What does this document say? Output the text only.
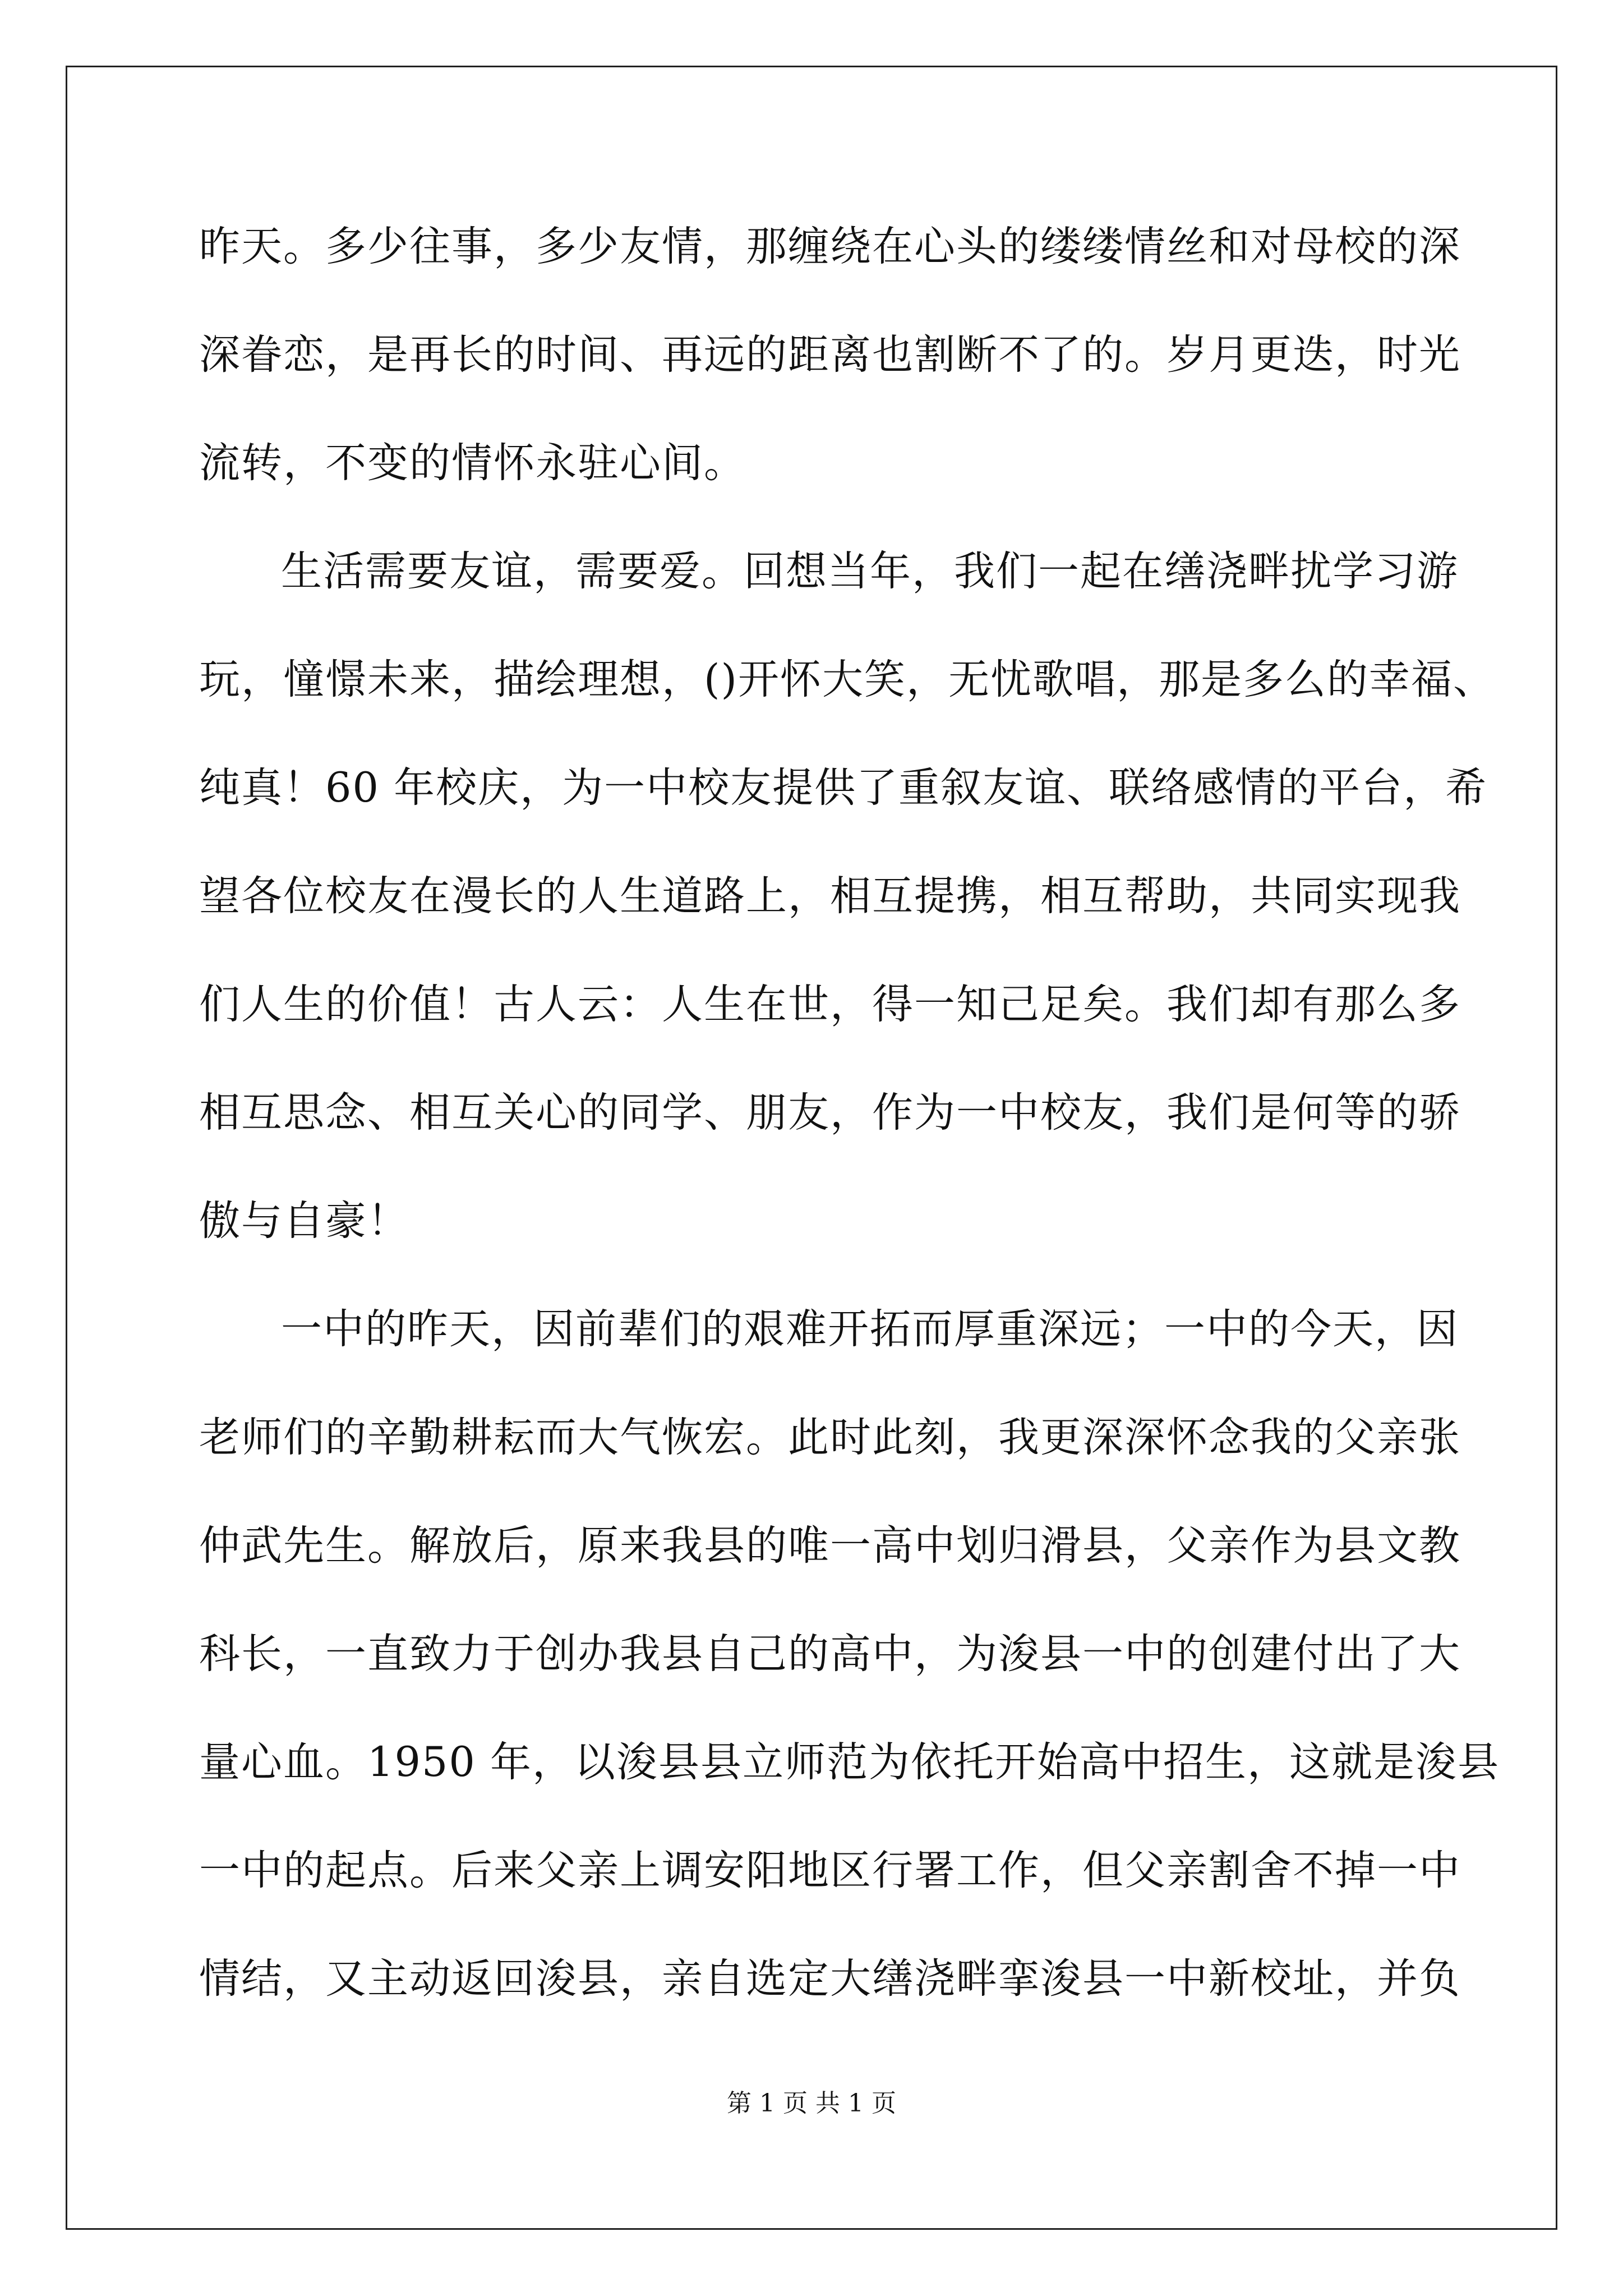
昨天。多少往事，多少友情，那缠绕在心头的缕缕情丝和对母校的深
深眷恋，是再长的时间、再远的距离也割断不了的。岁月更迭，时光
流转，不变的情怀永驻心间。
生活需要友谊，需要爱。回想当年，我们一起在缮浇畔扰学习游
玩，憧憬未来，描绘理想，()开怀大笑，无忧歌唱，那是多么的幸福、
纯真！60 年校庆，为一中校友提供了重叙友谊、联络感情的平台，希
望各位校友在漫长的人生道路上，相互提携，相互帮助，共同实现我
们人生的价值！古人云：人生在世，得一知己足矣。我们却有那么多
相互思念、相互关心的同学、朋友，作为一中校友，我们是何等的骄
傲与自豪！
一中的昨天，因前辈们的艰难开拓而厚重深远；一中的今天，因
老师们的辛勤耕耘而大气恢宏。此时此刻，我更深深怀念我的父亲张
仲武先生。解放后，原来我县的唯一高中划归滑县，父亲作为县文教
科长，一直致力于创办我县自己的高中，为浚县一中的创建付出了大
量心血。1950 年，以浚县县立师范为依托开始高中招生，这就是浚县
一中的起点。后来父亲上调安阳地区行署工作，但父亲割舍不掉一中
情结，又主动返回浚县，亲自选定大缮浇畔挛浚县一中新校址，并负
第 1 页 共 1 页
